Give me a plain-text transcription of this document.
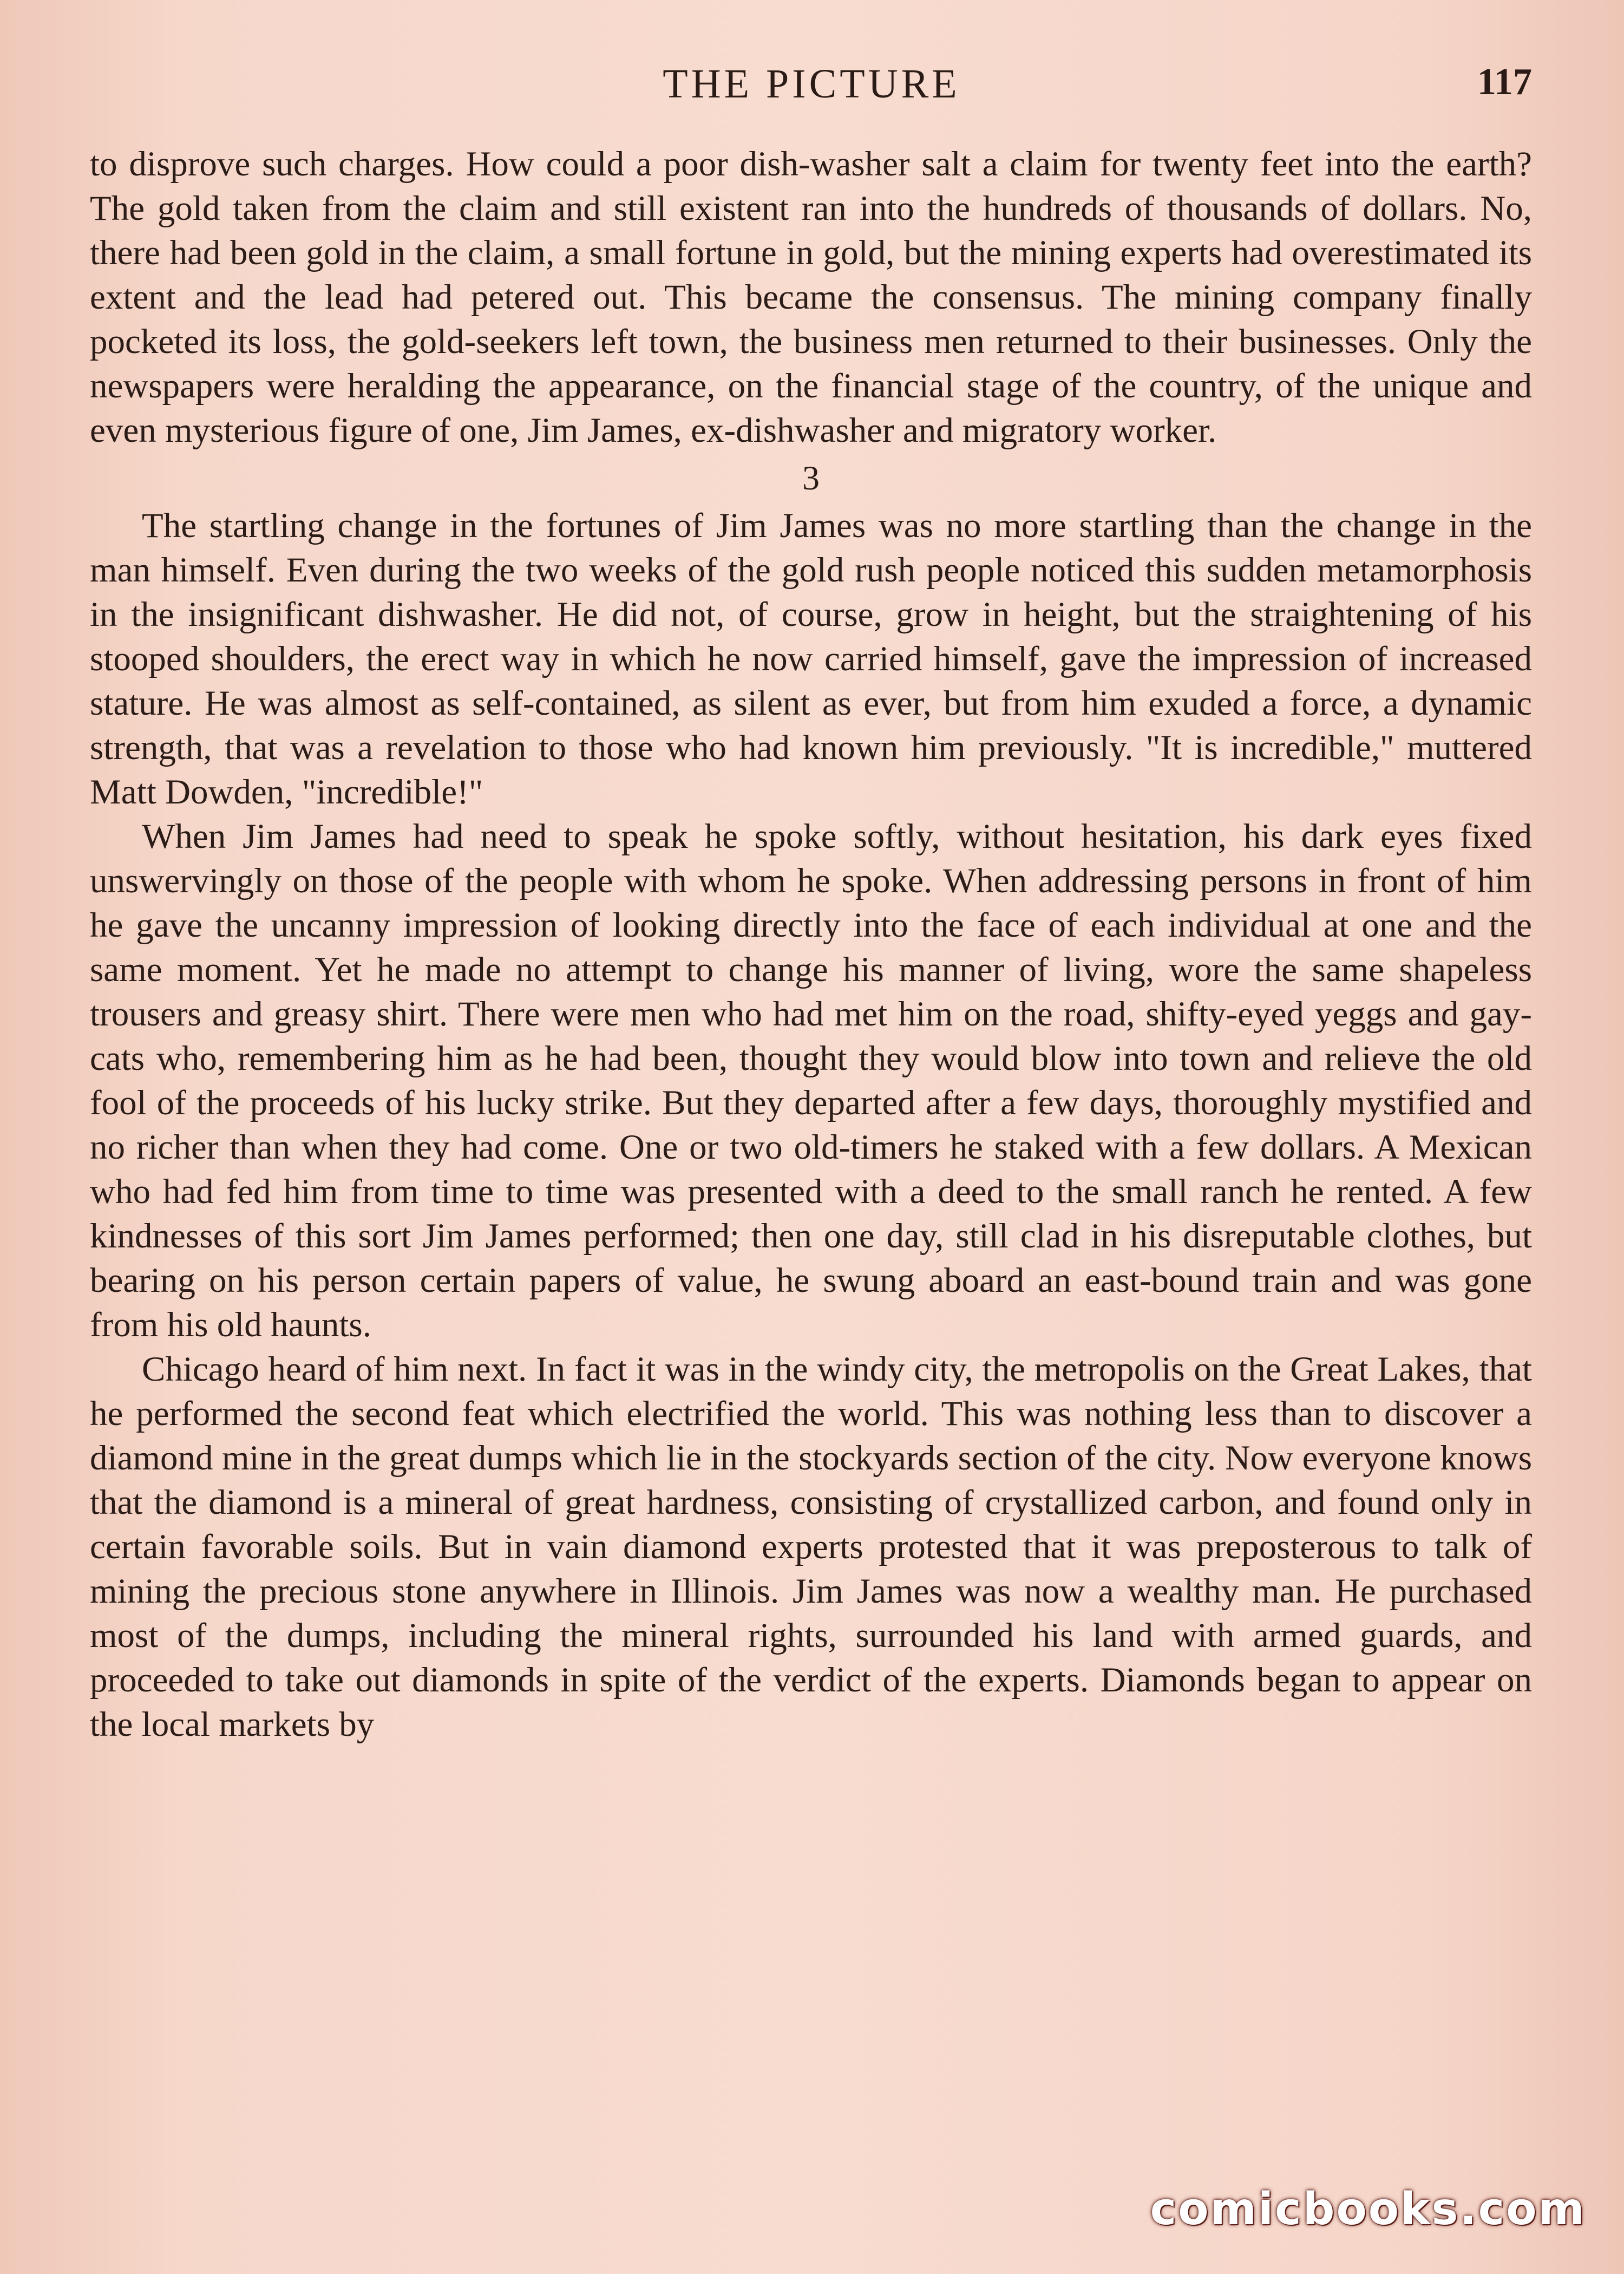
THE PICTURE	117

to disprove such charges. How could a poor dish-washer salt a claim for twenty feet into the earth? The gold taken from the claim and still existent ran into the hundreds of thousands of dollars. No, there had been gold in the claim, a small fortune in gold, but the mining experts had overestimated its extent and the lead had petered out. This became the consensus. The mining company finally pocketed its loss, the gold-seekers left town, the business men returned to their businesses. Only the newspapers were heralding the appearance, on the financial stage of the country, of the unique and even mysterious figure of one, Jim James, ex-dishwasher and migratory worker.

3

The startling change in the fortunes of Jim James was no more startling than the change in the man himself. Even during the two weeks of the gold rush people noticed this sudden metamorphosis in the insignificant dishwasher. He did not, of course, grow in height, but the straightening of his stooped shoulders, the erect way in which he now carried himself, gave the impression of increased stature. He was almost as self-contained, as silent as ever, but from him exuded a force, a dynamic strength, that was a revelation to those who had known him previously. "It is incredible," muttered Matt Dowden, "incredible!"

When Jim James had need to speak he spoke softly, without hesitation, his dark eyes fixed unswervingly on those of the people with whom he spoke. When addressing persons in front of him he gave the uncanny impression of looking directly into the face of each individual at one and the same moment. Yet he made no attempt to change his manner of living, wore the same shapeless trousers and greasy shirt. There were men who had met him on the road, shifty-eyed yeggs and gay-cats who, remembering him as he had been, thought they would blow into town and relieve the old fool of the proceeds of his lucky strike. But they departed after a few days, thoroughly mystified and no richer than when they had come. One or two old-timers he staked with a few dollars. A Mexican who had fed him from time to time was presented with a deed to the small ranch he rented. A few kindnesses of this sort Jim James performed; then one day, still clad in his disreputable clothes, but bearing on his person certain papers of value, he swung aboard an east-bound train and was gone from his old haunts.

Chicago heard of him next. In fact it was in the windy city, the metropolis on the Great Lakes, that he performed the second feat which electrified the world. This was nothing less than to discover a diamond mine in the great dumps which lie in the stockyards section of the city. Now everyone knows that the diamond is a mineral of great hardness, consisting of crystallized carbon, and found only in certain favorable soils. But in vain diamond experts protested that it was preposterous to talk of mining the precious stone anywhere in Illinois. Jim James was now a wealthy man. He purchased most of the dumps, including the mineral rights, surrounded his land with armed guards, and proceeded to take out diamonds in spite of the verdict of the experts. Diamonds began to appear on the local markets by

comicbooks.com
